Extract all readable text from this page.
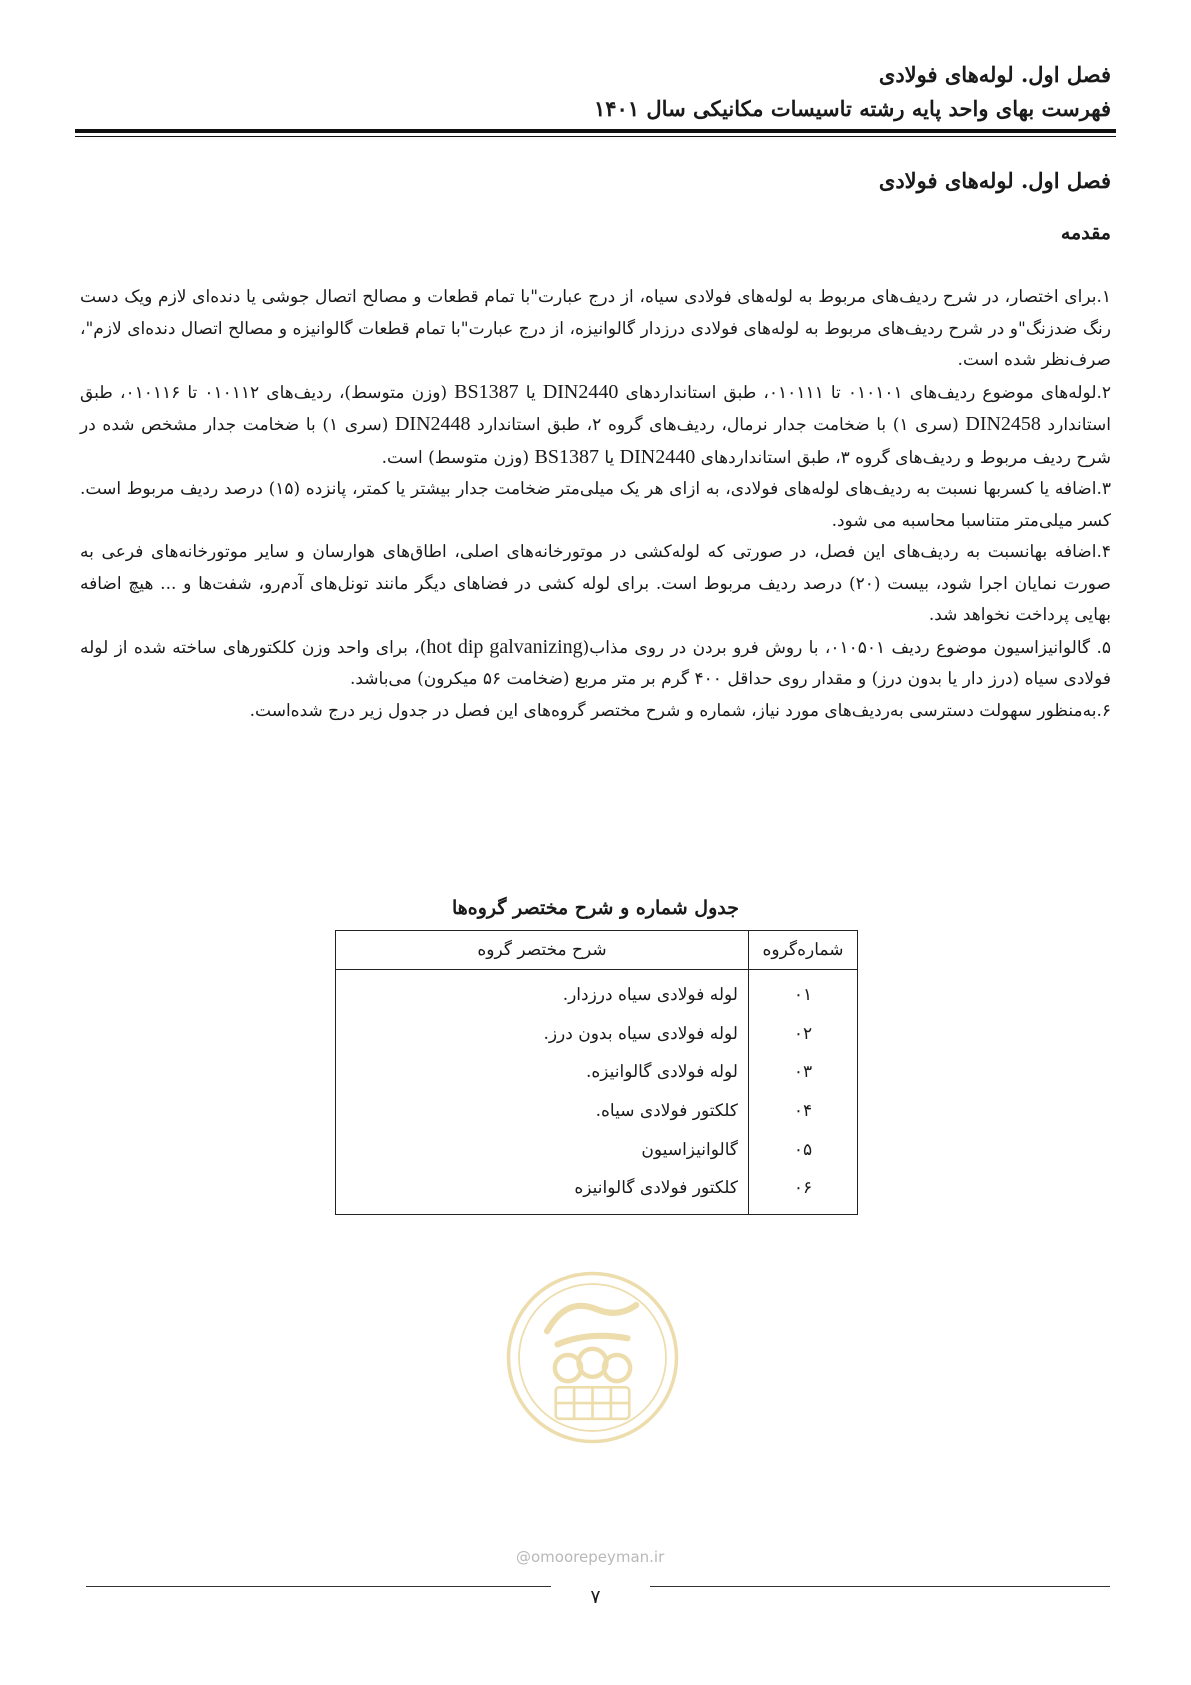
فصل اول. لوله‌های فولادی
فهرست بهای واحد پایه رشته تاسیسات مکانیکی سال ۱۴۰۱
فصل اول. لوله‌های فولادی
مقدمه

۱.برای اختصار، در شرح ردیف‌های مربوط به لوله‌های فولادی سیاه، از درج عبارت"با تمام قطعات و مصالح اتصال جوشی یا دنده‌ای لازم ویک دست رنگ ضدزنگ"و در شرح ردیف‌های مربوط به لوله‌های فولادی درزدار گالوانیزه، از درج عبارت"با تمام قطعات گالوانیزه و مصالح اتصال دنده‌ای لازم"، صرف‌نظر شده است.

۲.لوله‌های موضوع ردیف‌های ۰۱۰۱۰۱ تا ۰۱۰۱۱۱، طبق استانداردهای DIN2440 یا BS1387 (وزن متوسط)، ردیف‌های ۰۱۰۱۱۲ تا ۰۱۰۱۱۶، طبق استاندارد DIN2458 (سری ۱) با ضخامت جدار نرمال، ردیف‌های گروه ۲، طبق استاندارد DIN2448 (سری ۱) با ضخامت جدار مشخص شده در شرح ردیف مربوط و ردیف‌های گروه ۳، طبق استانداردهای DIN2440 یا BS1387 (وزن متوسط) است.

۳.اضافه یا کسربها نسبت به ردیف‌های لوله‌های فولادی، به ازای هر یک میلی‌متر ضخامت جدار بیشتر یا کمتر، پانزده (۱۵) درصد ردیف مربوط است. کسر میلی‌متر متناسبا محاسبه می شود.

۴.اضافه بهانسبت به ردیف‌های این فصل، در صورتی که لوله‌کشی در موتورخانه‌های اصلی، اطاق‌های هوارسان و سایر موتورخانه‌های فرعی به صورت نمایان اجرا شود، بیست (۲۰) درصد ردیف مربوط است. برای لوله کشی در فضاهای دیگر مانند تونل‌های آدم‌رو، شفت‌ها و ... هیچ اضافه بهایی پرداخت نخواهد شد.

۵. گالوانیزاسیون موضوع ردیف ۰۱۰۵۰۱، با روش فرو بردن در روی مذاب(hot dip galvanizing)، برای واحد وزن کلکتورهای ساخته شده از لوله فولادی سیاه (درز دار یا بدون درز) و مقدار روی حداقل ۴۰۰ گرم بر متر مربع (ضخامت ۵۶ میکرون) می‌باشد.

۶.به‌منظور سهولت دسترسی به‌ردیف‌های مورد نیاز، شماره و شرح مختصر گروه‌های این فصل در جدول زیر درج شده‌است.

جدول شماره و شرح مختصر گروه‌ها
شماره‌گروه	شرح مختصر گروه
۰۱	لوله فولادی سیاه درزدار.
۰۲	لوله فولادی سیاه بدون درز.
۰۳	لوله فولادی گالوانیزه.
۰۴	کلکتور فولادی سیاه.
۰۵	گالوانیزاسیون
۰۶	کلکتور فولادی گالوانیزه
@omoorepeyman.ir
۷
